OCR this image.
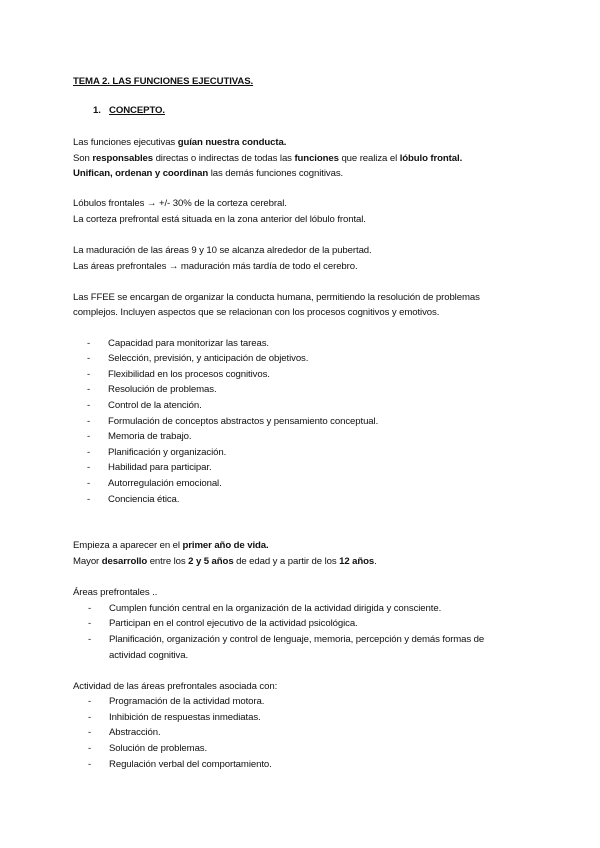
TEMA 2. LAS FUNCIONES EJECUTIVAS.
1. CONCEPTO.
Las funciones ejecutivas guían nuestra conducta.
Son responsables directas o indirectas de todas las funciones que realiza el lóbulo frontal.
Unifican, ordenan y coordinan las demás funciones cognitivas.
Lóbulos frontales → +/- 30% de la corteza cerebral.
La corteza prefrontal está situada en la zona anterior del lóbulo frontal.
La maduración de las áreas 9 y 10 se alcanza alrededor de la pubertad.
Las áreas prefrontales → maduración más tardía de todo el cerebro.
Las FFEE se encargan de organizar la conducta humana, permitiendo la resolución de problemas
complejos. Incluyen aspectos que se relacionan con los procesos cognitivos y emotivos.
- Capacidad para monitorizar las tareas.
- Selección, previsión, y anticipación de objetivos.
- Flexibilidad en los procesos cognitivos.
- Resolución de problemas.
- Control de la atención.
- Formulación de conceptos abstractos y pensamiento conceptual.
- Memoria de trabajo.
- Planificación y organización.
- Habilidad para participar.
- Autorregulación emocional.
- Conciencia ética.
Empieza a aparecer en el primer año de vida.
Mayor desarrollo entre los 2 y 5 años de edad y a partir de los 12 años.
Áreas prefrontales ..
- Cumplen función central en la organización de la actividad dirigida y consciente.
- Participan en el control ejecutivo de la actividad psicológica.
- Planificación, organización y control de lenguaje, memoria, percepción y demás formas de
actividad cognitiva.
Actividad de las áreas prefrontales asociada con:
- Programación de la actividad motora.
- Inhibición de respuestas inmediatas.
- Abstracción.
- Solución de problemas.
- Regulación verbal del comportamiento.
